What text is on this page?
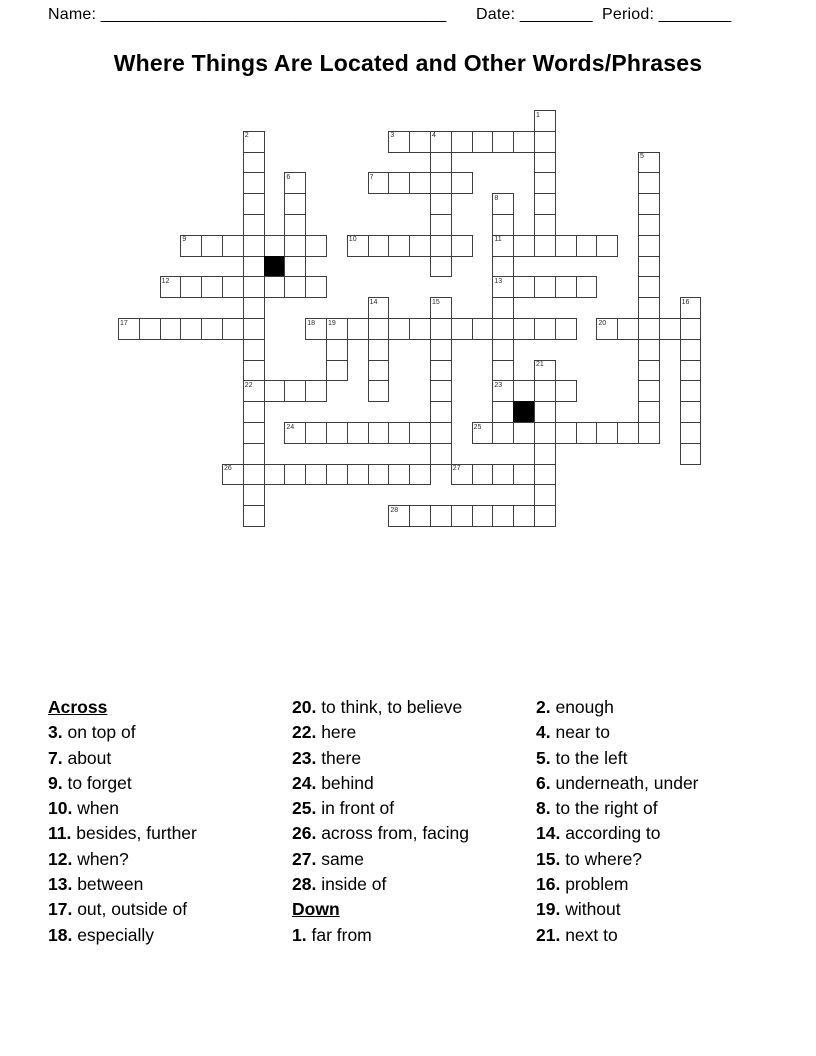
Name: ______________________________________ Date: ________ Period: ________
Where Things Are Located and Other Words/Phrases
1
2	3	4
5
6	7
8
9	10	11
12	13
14	15	16
17	18 19	20
21
22	23
24	25
26	27
28

Across

3. on top of

7. about

9. to forget

10. when

11. besides, further

12. when?

13. between

17. out, outside of

18. especially

20. to think, to believe

22. here

23. there

24. behind

25. in front of

26. across from, facing

27. same

28. inside of

Down

1. far from

2. enough

4. near to

5. to the left

6. underneath, under

8. to the right of

14. according to

15. to where?

16. problem

19. without

21. next to
